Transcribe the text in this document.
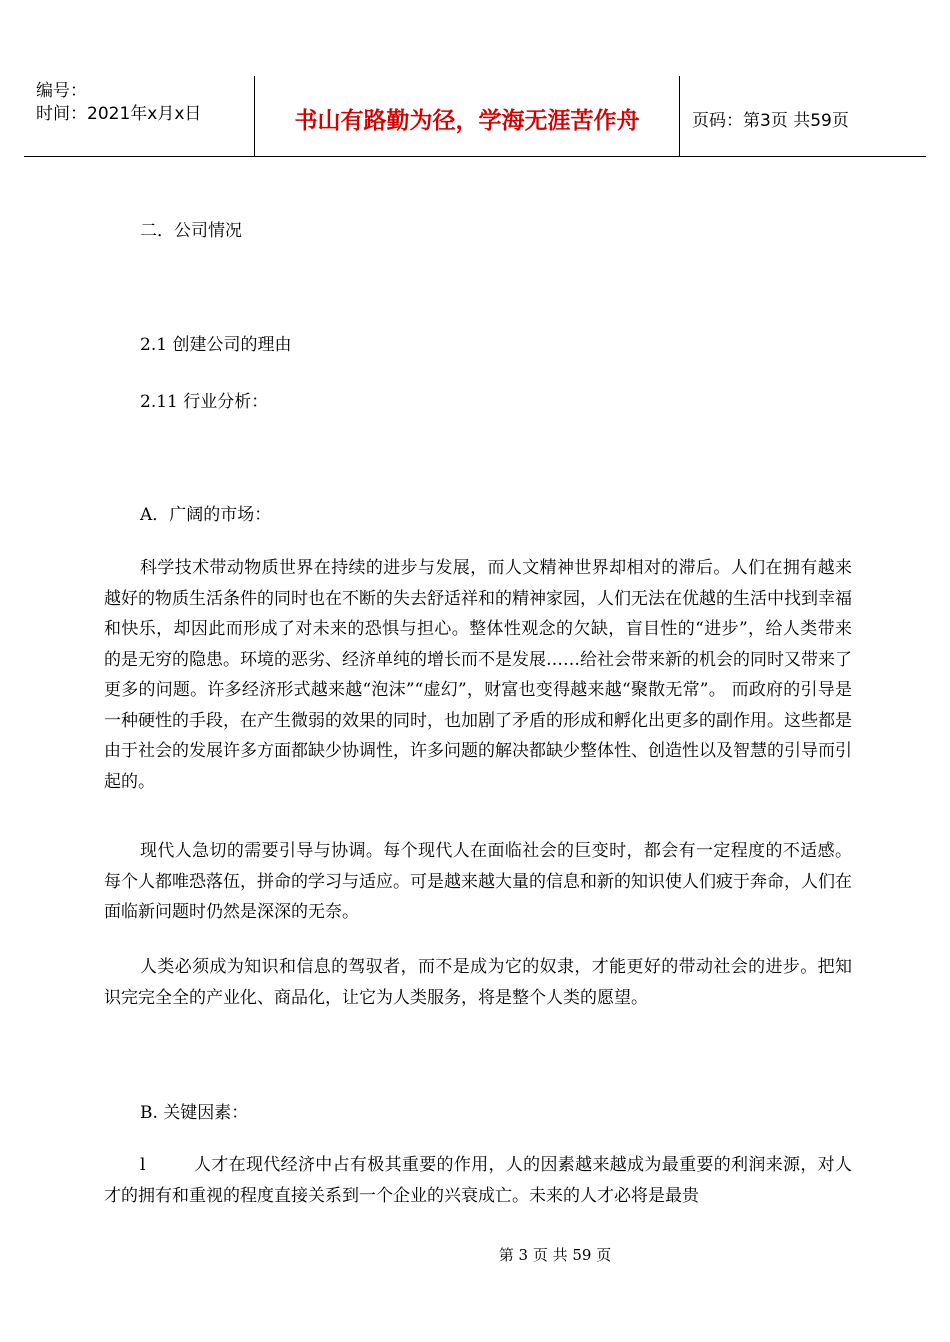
编号：
时间：2021年x月x日	书山有路勤为径，学海无涯苦作舟	页码：第3页 共59页
二．公司情况
2.1 创建公司的理由
2.11 行业分析：
A．广阔的市场：
科学技术带动物质世界在持续的进步与发展，而人文精神世界却相对的滞后。人们在拥有越来越好的物质生活条件的同时也在不断的失去舒适祥和的精神家园，人们无法在优越的生活中找到幸福和快乐，却因此而形成了对未来的恐惧与担心。整体性观念的欠缺，盲目性的“进步”，给人类带来的是无穷的隐患。环境的恶劣、经济单纯的增长而不是发展……给社会带来新的机会的同时又带来了更多的问题。许多经济形式越来越“泡沫”“虚幻”，财富也变得越来越“聚散无常”。 而政府的引导是一种硬性的手段，在产生微弱的效果的同时，也加剧了矛盾的形成和孵化出更多的副作用。这些都是由于社会的发展许多方面都缺少协调性，许多问题的解决都缺少整体性、创造性以及智慧的引导而引起的。
现代人急切的需要引导与协调。每个现代人在面临社会的巨变时，都会有一定程度的不适感。每个人都唯恐落伍，拼命的学习与适应。可是越来越大量的信息和新的知识使人们疲于奔命，人们在面临新问题时仍然是深深的无奈。
人类必须成为知识和信息的驾驭者，而不是成为它的奴隶，才能更好的带动社会的进步。把知识完完全全的产业化、商品化，让它为人类服务，将是整个人类的愿望。
B. 关键因素：
l	人才在现代经济中占有极其重要的作用，人的因素越来越成为最重要的利润来源，对人才的拥有和重视的程度直接关系到一个企业的兴衰成亡。未来的人才必将是最贵
第 3 页 共 59 页
